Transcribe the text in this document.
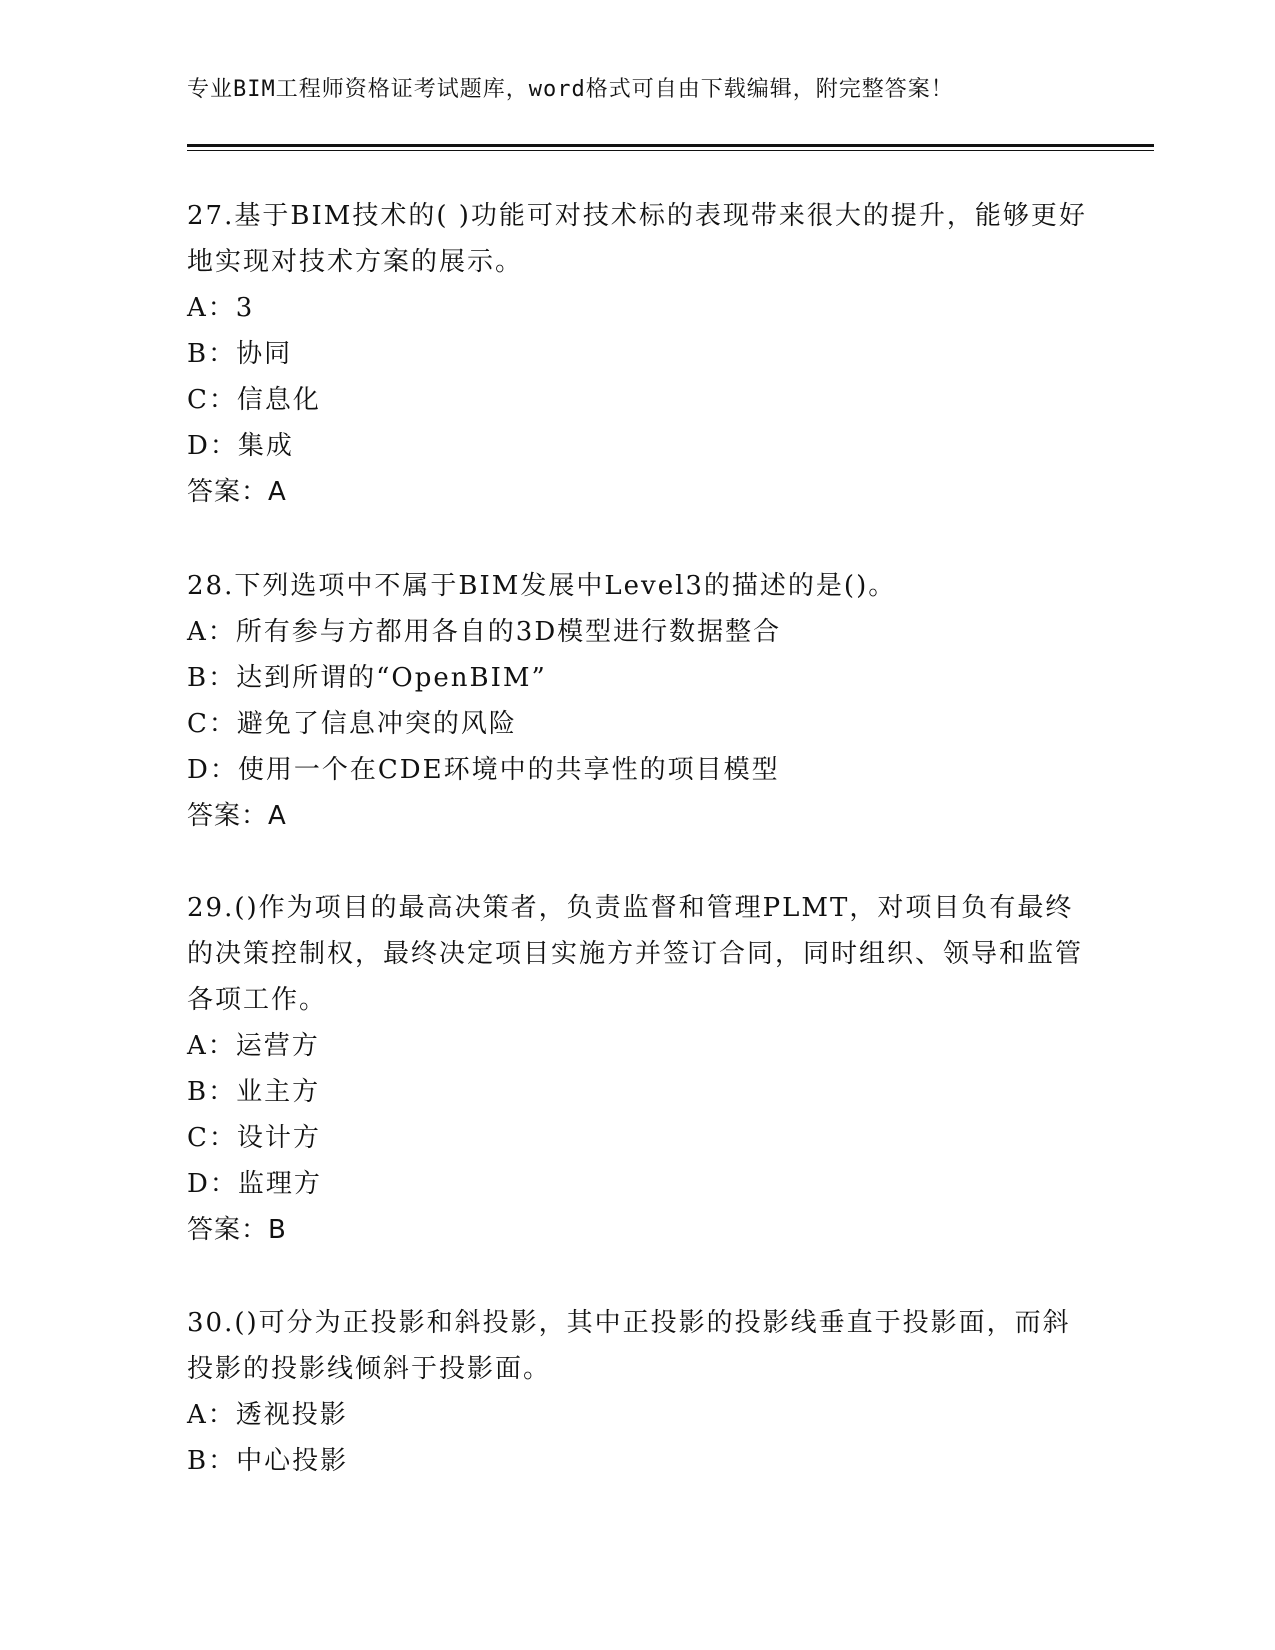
专业BIM工程师资格证考试题库，word格式可自由下载编辑，附完整答案！

27.基于BIM技术的( )功能可对技术标的表现带来很大的提升，能够更好地实现对技术方案的展示。

A：3
B：协同
C：信息化
D：集成
答案：A

28.下列选项中不属于BIM发展中Level3的描述的是()。

A：所有参与方都用各自的3D模型进行数据整合
B：达到所谓的“OpenBIM”
C：避免了信息冲突的风险
D：使用一个在CDE环境中的共享性的项目模型
答案：A

29.()作为项目的最高决策者，负责监督和管理PLMT，对项目负有最终的决策控制权，最终决定项目实施方并签订合同，同时组织、领导和监管各项工作。

A：运营方
B：业主方
C：设计方
D：监理方
答案：B

30.()可分为正投影和斜投影，其中正投影的投影线垂直于投影面，而斜投影的投影线倾斜于投影面。

A：透视投影
B：中心投影
